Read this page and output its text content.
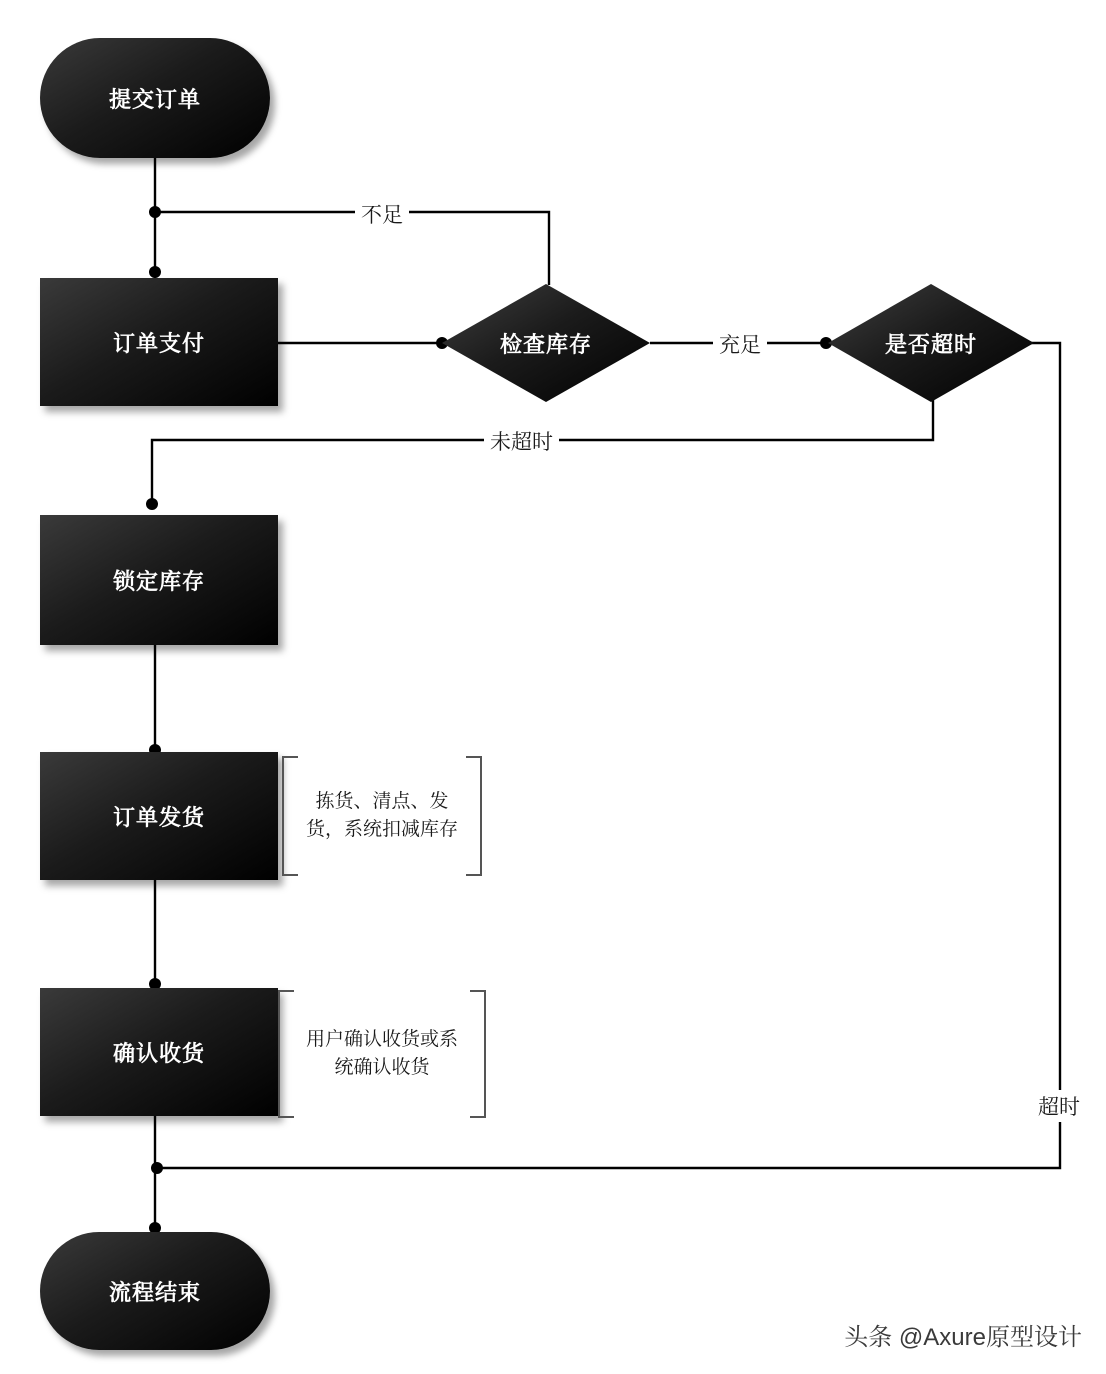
提交订单
订单支付	检查库存	是否超时
锁定库存
订单发货
确认收货
流程结束
不足
充足
未超时
超时
拣货、清点、发货，系统扣减库存
用户确认收货或系统确认收货
头条 @Axure原型设计
